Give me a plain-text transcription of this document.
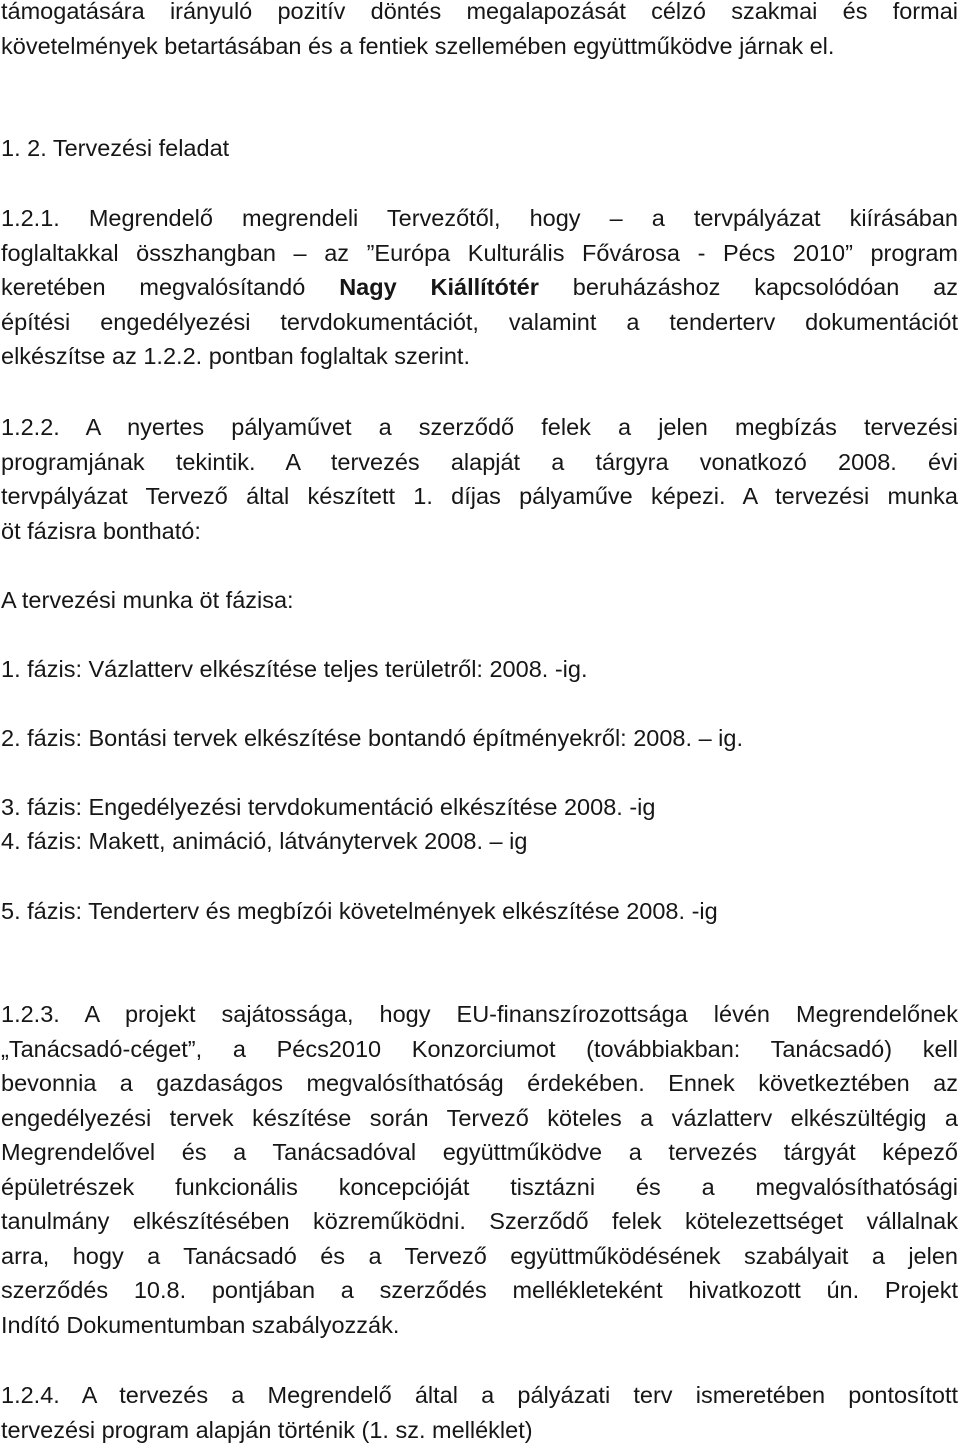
támogatására irányuló pozitív döntés megalapozását célzó szakmai és formai
követelmények betartásában és a fentiek szellemében együttműködve járnak el.
1. 2. Tervezési feladat
1.2.1. Megrendelő megrendeli Tervezőtől, hogy – a tervpályázat kiírásában
foglaltakkal összhangban – az ”Európa Kulturális Fővárosa - Pécs 2010” program
keretében megvalósítandó Nagy Kiállítótér beruházáshoz kapcsolódóan az
építési engedélyezési tervdokumentációt, valamint a tenderterv dokumentációt
elkészítse az 1.2.2. pontban foglaltak szerint.
1.2.2. A nyertes pályaművet a szerződő felek a jelen megbízás tervezési
programjának tekintik. A tervezés alapját a tárgyra vonatkozó 2008. évi
tervpályázat Tervező által készített 1. díjas pályaműve képezi. A tervezési munka
öt fázisra bontható:
A tervezési munka öt fázisa:
1. fázis: Vázlatterv elkészítése teljes területről: 2008. -ig.
2. fázis: Bontási tervek elkészítése bontandó építményekről: 2008. – ig.
3. fázis: Engedélyezési tervdokumentáció elkészítése 2008. -ig
4. fázis: Makett, animáció, látványtervek 2008. – ig
5. fázis: Tenderterv és megbízói követelmények elkészítése 2008. -ig
1.2.3. A projekt sajátossága, hogy EU-finanszírozottsága lévén Megrendelőnek
„Tanácsadó-céget”, a Pécs2010 Konzorciumot (továbbiakban: Tanácsadó) kell
bevonnia a gazdaságos megvalósíthatóság érdekében. Ennek következtében az
engedélyezési tervek készítése során Tervező köteles a vázlatterv elkészültégig a
Megrendelővel és a Tanácsadóval együttműködve a tervezés tárgyát képező
épületrészek funkcionális koncepcióját tisztázni és a megvalósíthatósági
tanulmány elkészítésében közreműködni. Szerződő felek kötelezettséget vállalnak
arra, hogy a Tanácsadó és a Tervező együttműködésének szabályait a jelen
szerződés 10.8. pontjában a szerződés mellékleteként hivatkozott ún. Projekt
Indító Dokumentumban szabályozzák.
1.2.4. A tervezés a Megrendelő által a pályázati terv ismeretében pontosított
tervezési program alapján történik (1. sz. melléklet)
